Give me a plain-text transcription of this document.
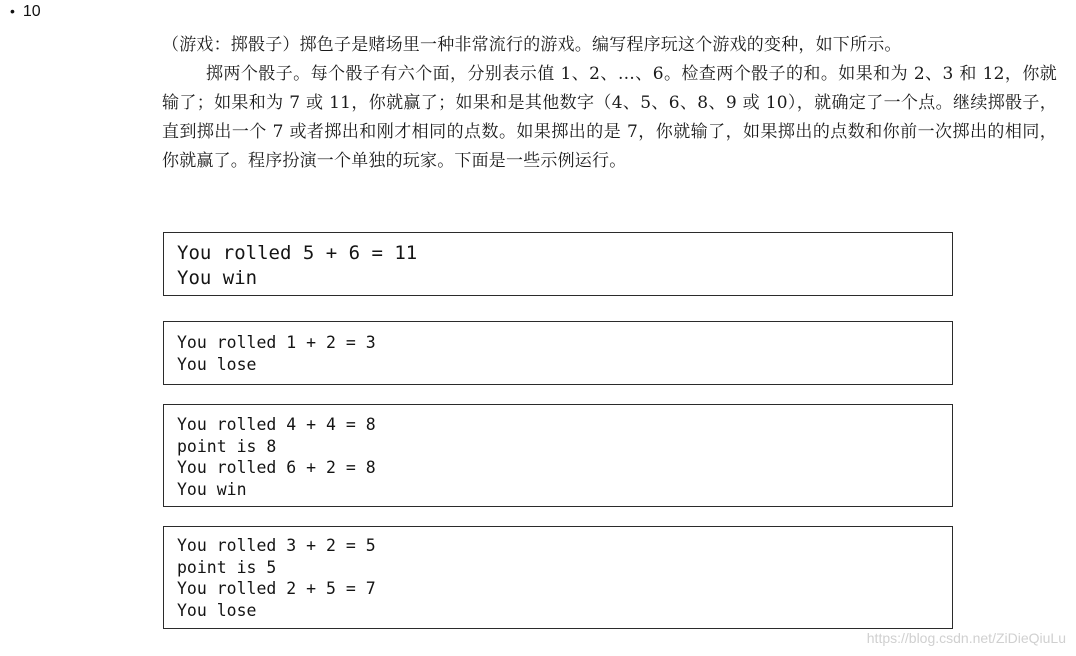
• 10

（游戏：掷骰子）掷色子是赌场里一种非常流行的游戏。编写程序玩这个游戏的变种，如下所示。

掷两个骰子。每个骰子有六个面，分别表示值 1、2、…、6。检查两个骰子的和。如果和为 2、3 和 12，你就输了；如果和为 7 或 11，你就赢了；如果和是其他数字（4、5、6、8、9 或 10），就确定了一个点。继续掷骰子，直到掷出一个 7 或者掷出和刚才相同的点数。如果掷出的是 7，你就输了，如果掷出的点数和你前一次掷出的相同，你就赢了。程序扮演一个单独的玩家。下面是一些示例运行。

You rolled 5 + 6 = 11
You win
You rolled 1 + 2 = 3
You lose
You rolled 4 + 4 = 8
point is 8
You rolled 6 + 2 = 8
You win
You rolled 3 + 2 = 5
point is 5
You rolled 2 + 5 = 7
You lose
https://blog.csdn.net/ZiDieQiuLu
